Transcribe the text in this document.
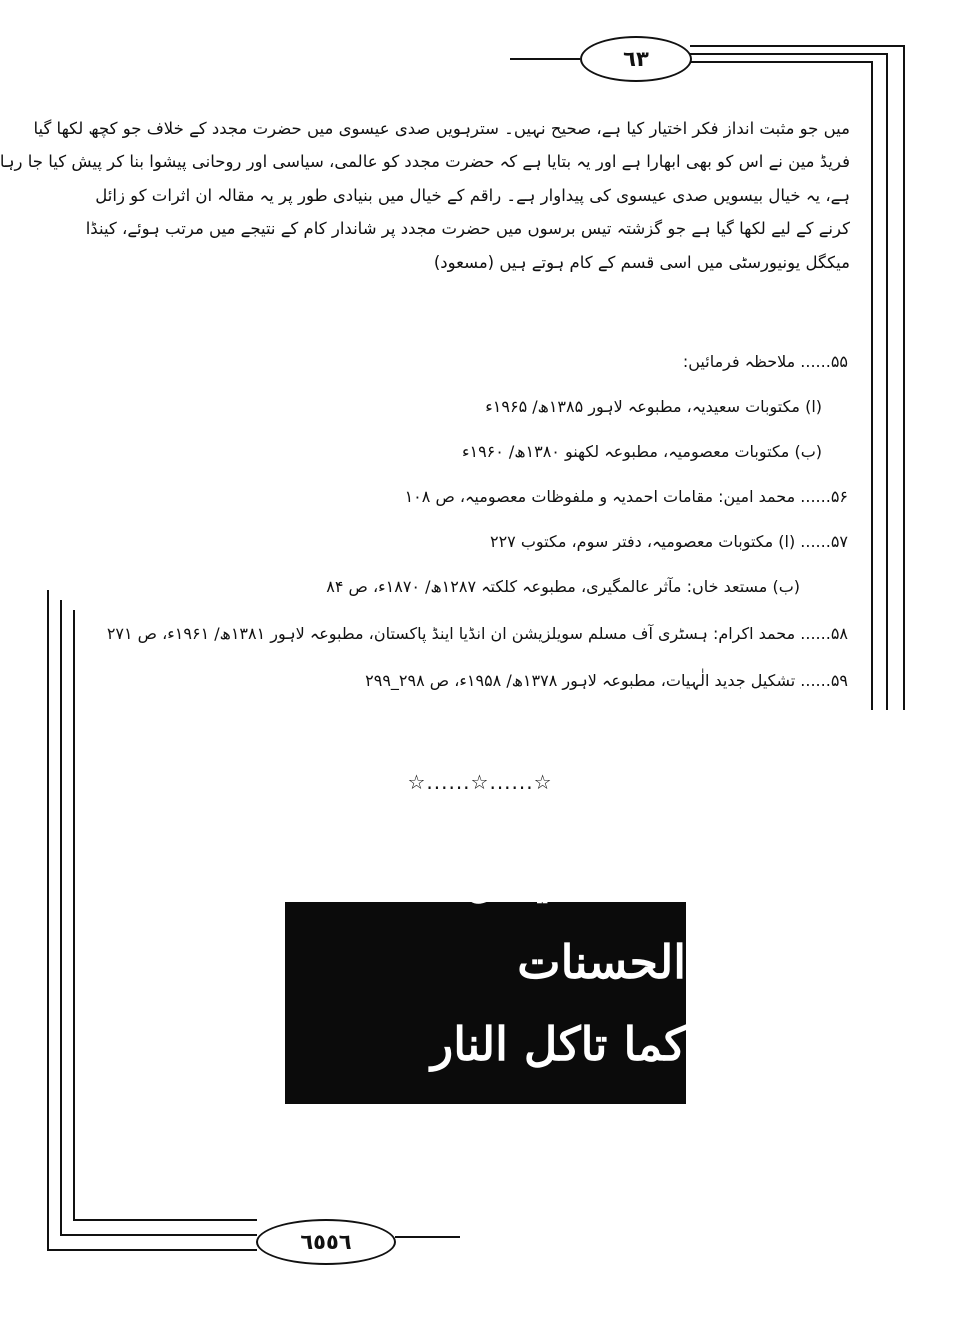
٦٣
٦٥٥٦
میں جو مثبت انداز فکر اختیار کیا ہے، صحیح نہیں۔ سترہویں صدی عیسوی میں حضرت مجدد کے خلاف جو کچھ لکھا گیا
فریڈ مین نے اس کو بھی ابھارا ہے اور یہ بتایا ہے کہ حضرت مجدد کو عالمی، سیاسی اور روحانی پیشوا بنا کر پیش کیا جا رہا
ہے، یہ خیال بیسویں صدی عیسوی کی پیداوار ہے۔ راقم کے خیال میں بنیادی طور پر یہ مقالہ ان اثرات کو زائل
کرنے کے لیے لکھا گیا ہے جو گزشتہ تیس برسوں میں حضرت مجدد پر شاندار کام کے نتیجے میں مرتب ہوئے، کینڈا
میکگل یونیورسٹی میں اسی قسم کے کام ہوتے ہیں (مسعود)
۵۵...... ملاحظہ فرمائیں:
(ا) مکتوبات سعیدیہ، مطبوعہ لاہور ۱۳۸۵ھ/ ۱۹۶۵ء
(ب) مکتوبات معصومیہ، مطبوعہ لکھنو ۱۳۸۰ھ/ ۱۹۶۰ء
۵۶...... محمد امین: مقامات احمدیہ و ملفوظات معصومیہ، ص ۱۰۸
۵۷...... (ا) مکتوبات معصومیہ، دفتر سوم، مکتوب ۲۲۷
(ب) مستعد خاں: مآثر عالمگیری، مطبوعہ کلکتہ ۱۲۸۷ھ/ ۱۸۷۰ء، ص ۸۴
۵۸...... محمد اکرام: ہسٹری آف مسلم سویلزیشن ان انڈیا اینڈ پاکستان، مطبوعہ لاہور ۱۳۸۱ھ/ ۱۹۶۱ء، ص ۲۷۱
۵۹...... تشکیل جدید الٰہیات، مطبوعہ لاہور ۱۳۷۸ھ/ ۱۹۵۸ء، ص ۲۹۸_۲۹۹
☆......☆......☆
الحسد یاکل الحسنات
کما تاکل النار الحطب
